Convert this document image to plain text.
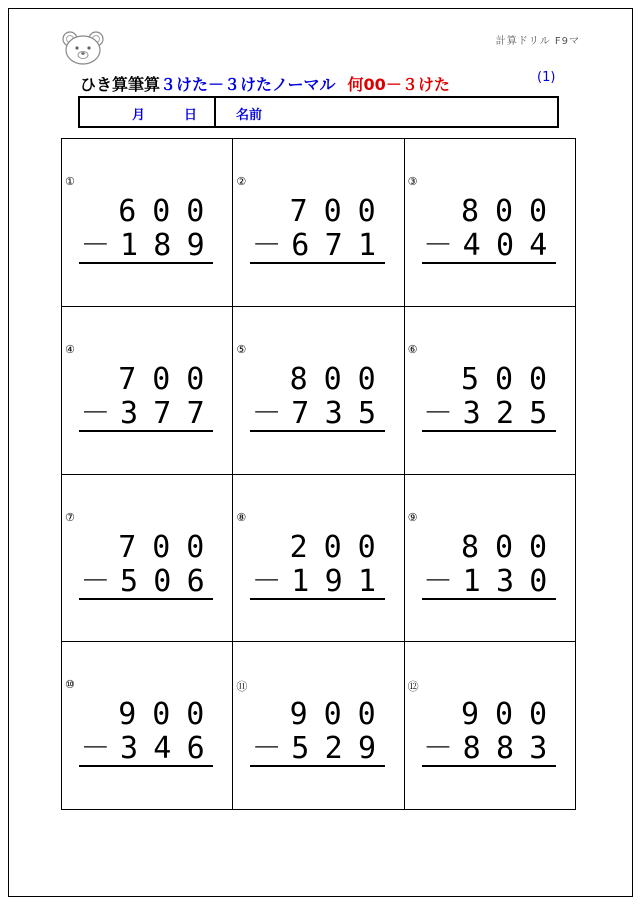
計算ドリル F9マ
ひき算筆算３けた－３けたノーマル 何00－３けた	(1)
月	日	名前
①
6 0 0
－ 1 8 9
②
7 0 0
－ 6 7 1
③
8 0 0
－ 4 0 4
④
7 0 0
－ 3 7 7
⑤
8 0 0
－ 7 3 5
⑥
5 0 0
－ 3 2 5
⑦
7 0 0
－ 5 0 6
⑧
2 0 0
－ 1 9 1
⑨
8 0 0
－ 1 3 0
⑩
9 0 0
－ 3 4 6
⑪
9 0 0
－ 5 2 9
⑫
9 0 0
－ 8 8 3
